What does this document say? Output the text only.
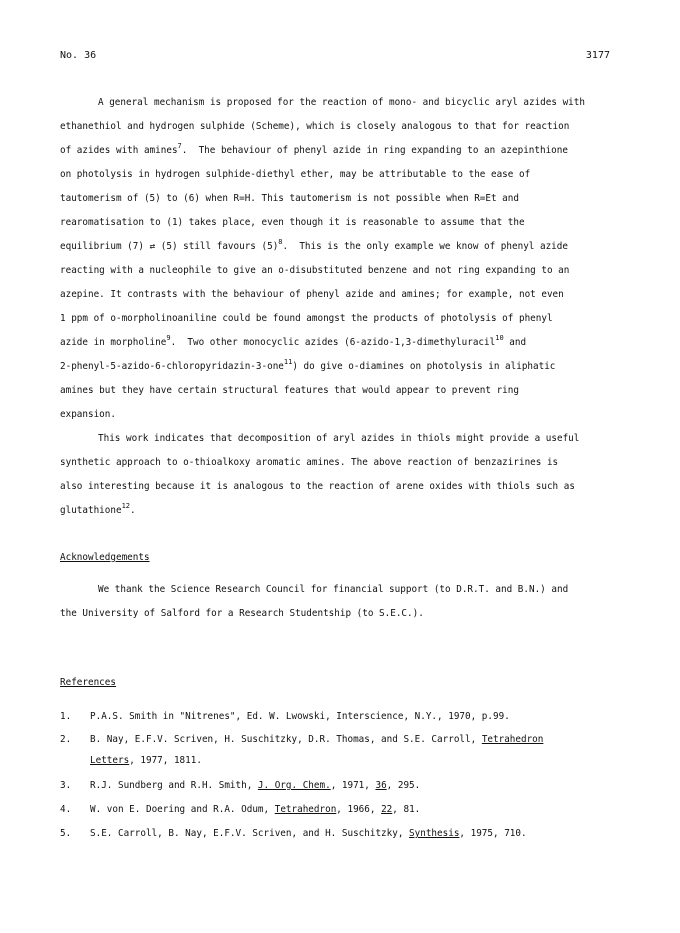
No. 36	3177
A general mechanism is proposed for the reaction of mono- and bicyclic aryl azides with
ethanethiol and hydrogen sulphide (Scheme), which is closely analogous to that for reaction
of azides with amines$^7$.  The behaviour of phenyl azide in ring expanding to an azepinthione
on photolysis in hydrogen sulphide-diethyl ether, may be attributable to the ease of
tautomerism of (5) to (6) when R=H. This tautomerism is not possible when R=Et and
rearomatisation to (1) takes place, even though it is reasonable to assume that the
equilibrium (7) ⇄ (5) still favours $(5)^8$.  This is the only example we know of phenyl azide
reacting with a nucleophile to give an o-disubstituted benzene and not ring expanding to an
azepine. It contrasts with the behaviour of phenyl azide and amines; for example, not even
1 ppm of o-morpholinoaniline could be found amongst the products of photolysis of phenyl
azide in morpholine$^9$.  Two other monocyclic azides (6-azido-1,3-dimethyluracil$^{10}$ and
2-phenyl-5-azido-6-chloropyridazin-3-one$^{11}$) do give o-diamines on photolysis in aliphatic
amines but they have certain structural features that would appear to prevent ring
expansion.
This work indicates that decomposition of aryl azides in thiols might provide a useful
synthetic approach to o-thioalkoxy aromatic amines. The above reaction of benzazirines is
also interesting because it is analogous to the reaction of arene oxides with thiols such as
glutathione$^{12}$.
Acknowledgements
We thank the Science Research Council for financial support (to D.R.T. and B.N.) and
the University of Salford for a Research Studentship (to S.E.C.).
References
1. P.A.S. Smith in "Nitrenes", Ed. W. Lwowski, Interscience, N.Y., 1970, p.99.
2. B. Nay, E.F.V. Scriven, H. Suschitzky, D.R. Thomas, and S.E. Carroll, Tetrahedron
Letters, 1977, 1811.
3. R.J. Sundberg and R.H. Smith, J. Org. Chem., 1971, 36, 295.
4. W. von E. Doering and R.A. Odum, Tetrahedron, 1966, 22, 81.
5. S.E. Carroll, B. Nay, E.F.V. Scriven, and H. Suschitzky, Synthesis, 1975, 710.
